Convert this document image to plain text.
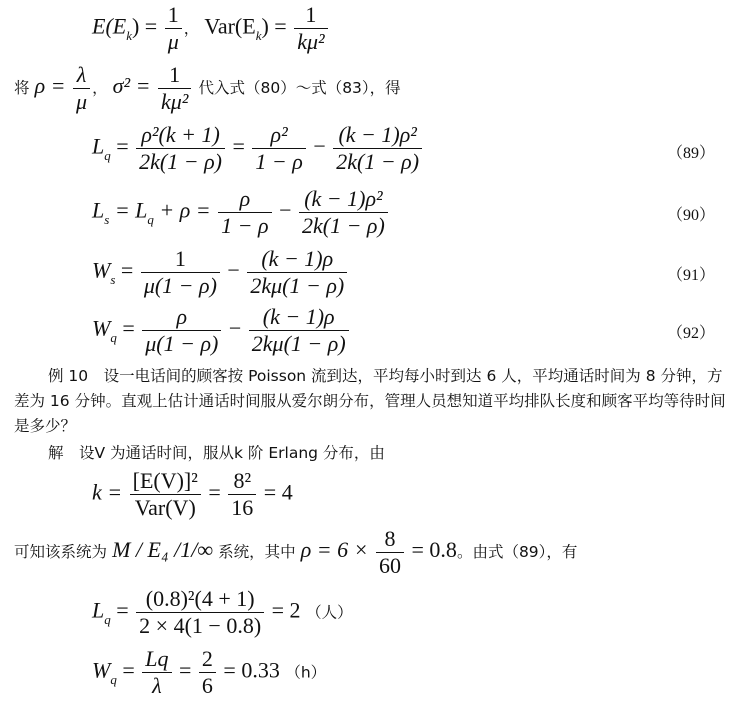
$E(E_k) = \frac{1}{\mu}$ ， $Var(E_k) = \frac{1}{\text{kμ²}}$
将 $\rho = \frac{\lambda}{\mu}$ ， $\sigma^2 = \frac{1}{\text{kμ²}}$ 代入式（80）～式（83），得
$L_q = \frac{\text{ρ²(k + 1)}}{2k(1 - \rho)} = \frac{\text{ρ²}}{1 - \rho} - \frac{\text{(k − 1)ρ²}}{2k(1 - \rho)}$	（89）
$L_s = L_q + \rho = \frac{\rho}{1 - \rho} - \frac{\text{(k − 1)ρ²}}{2k(1 - \rho)}$	（90）
$W_s = \frac{1}{\mu(1 - \rho)} - \frac{(k - 1)\rho}{2k\mu(1 - \rho)}$	（91）
$W_q = \frac{\rho}{\mu(1 - \rho)} - \frac{(k - 1)\rho}{2k\mu(1 - \rho)}$	（92）
例 10　设一电话间的顾客按 Poisson 流到达，平均每小时到达 6 人，平均通话时间为 8 分钟，方差为 16 分钟。直观上估计通话时间服从爱尔朗分布，管理人员想知道平均排队长度和顾客平均等待时间是多少？
解　设V 为通话时间，服从k 阶 Erlang 分布，由
$k = \frac{\text{[E(V)]²}}{\text{Var(V)}} = \frac{\text{8²}}{16} = 4$
可知该系统为 M / E₄ /1/∞ 系统，其中 $\rho = 6 \times \frac{8}{60} = 0.8$。由式（89），有
$L_q = \frac{\text{(0.8)²(4 + 1)}}{2 \times 4(1 - 0.8)} = 2$ （人）
$W_q = \frac{Lq}{\lambda} = \frac{2}{6} = 0.33$ （h）
